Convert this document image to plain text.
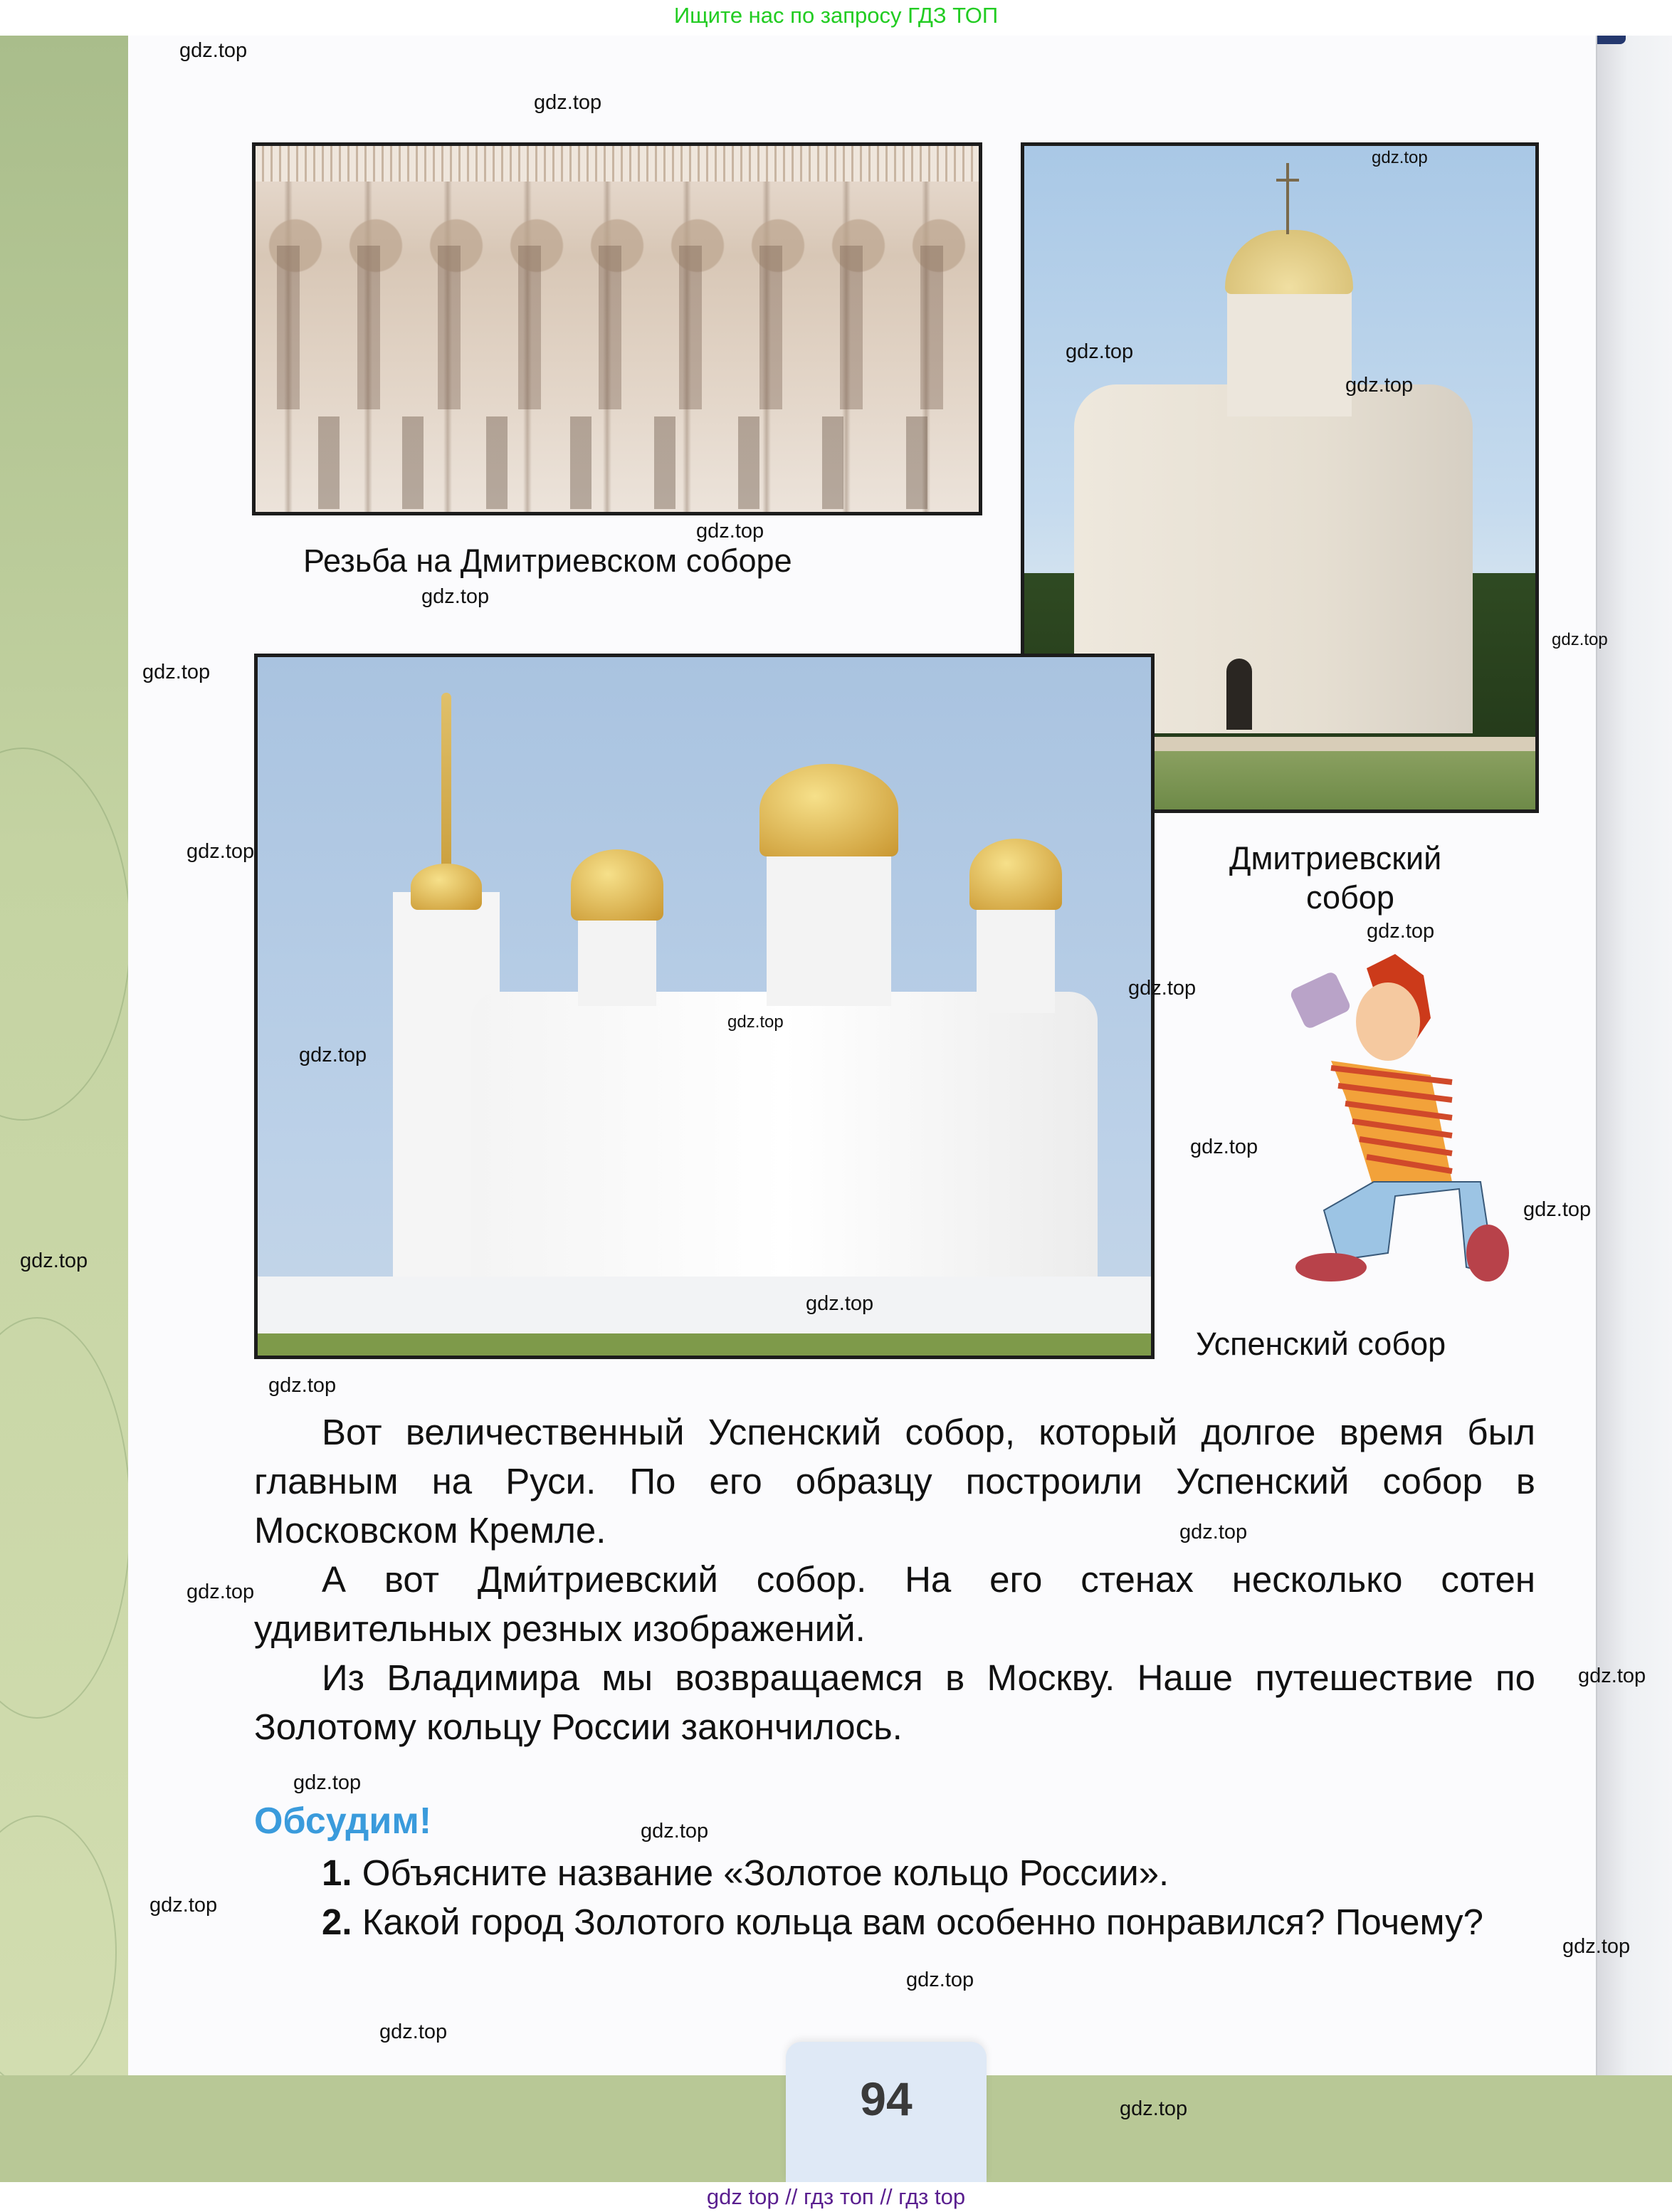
Ищите нас по запросу ГДЗ ТОП
Резьба на Дмитриевском соборе
Дмитриевский
собор
Успенский собор

Вот величественный Успенский собор, который долгое время был главным на Руси. По его образцу построили Успенский собор в Московском Кремле.

А вот Дми́триевский собор. На его стенах несколько сотен удивительных резных изображений.

Из Владимира мы возвращаемся в Москву. Наше путешествие по Золотому кольцу России закончилось.

Обсудим!
1. Объясните название «Золотое кольцо России».
2. Какой город Золотого кольца вам особенно понравился? Почему?
94
gdz top // гдз топ // гдз top
gdz.top
gdz.top
gdz.top
gdz.top
gdz.top
gdz.top
gdz.top
gdz.top
gdz.top
gdz.top
gdz.top
gdz.top
gdz.top
gdz.top
gdz.top
gdz.top
gdz.top
gdz.top
gdz.top
gdz.top
gdz.top
gdz.top
gdz.top
gdz.top
gdz.top
gdz.top
gdz.top
gdz.top
gdz.top
